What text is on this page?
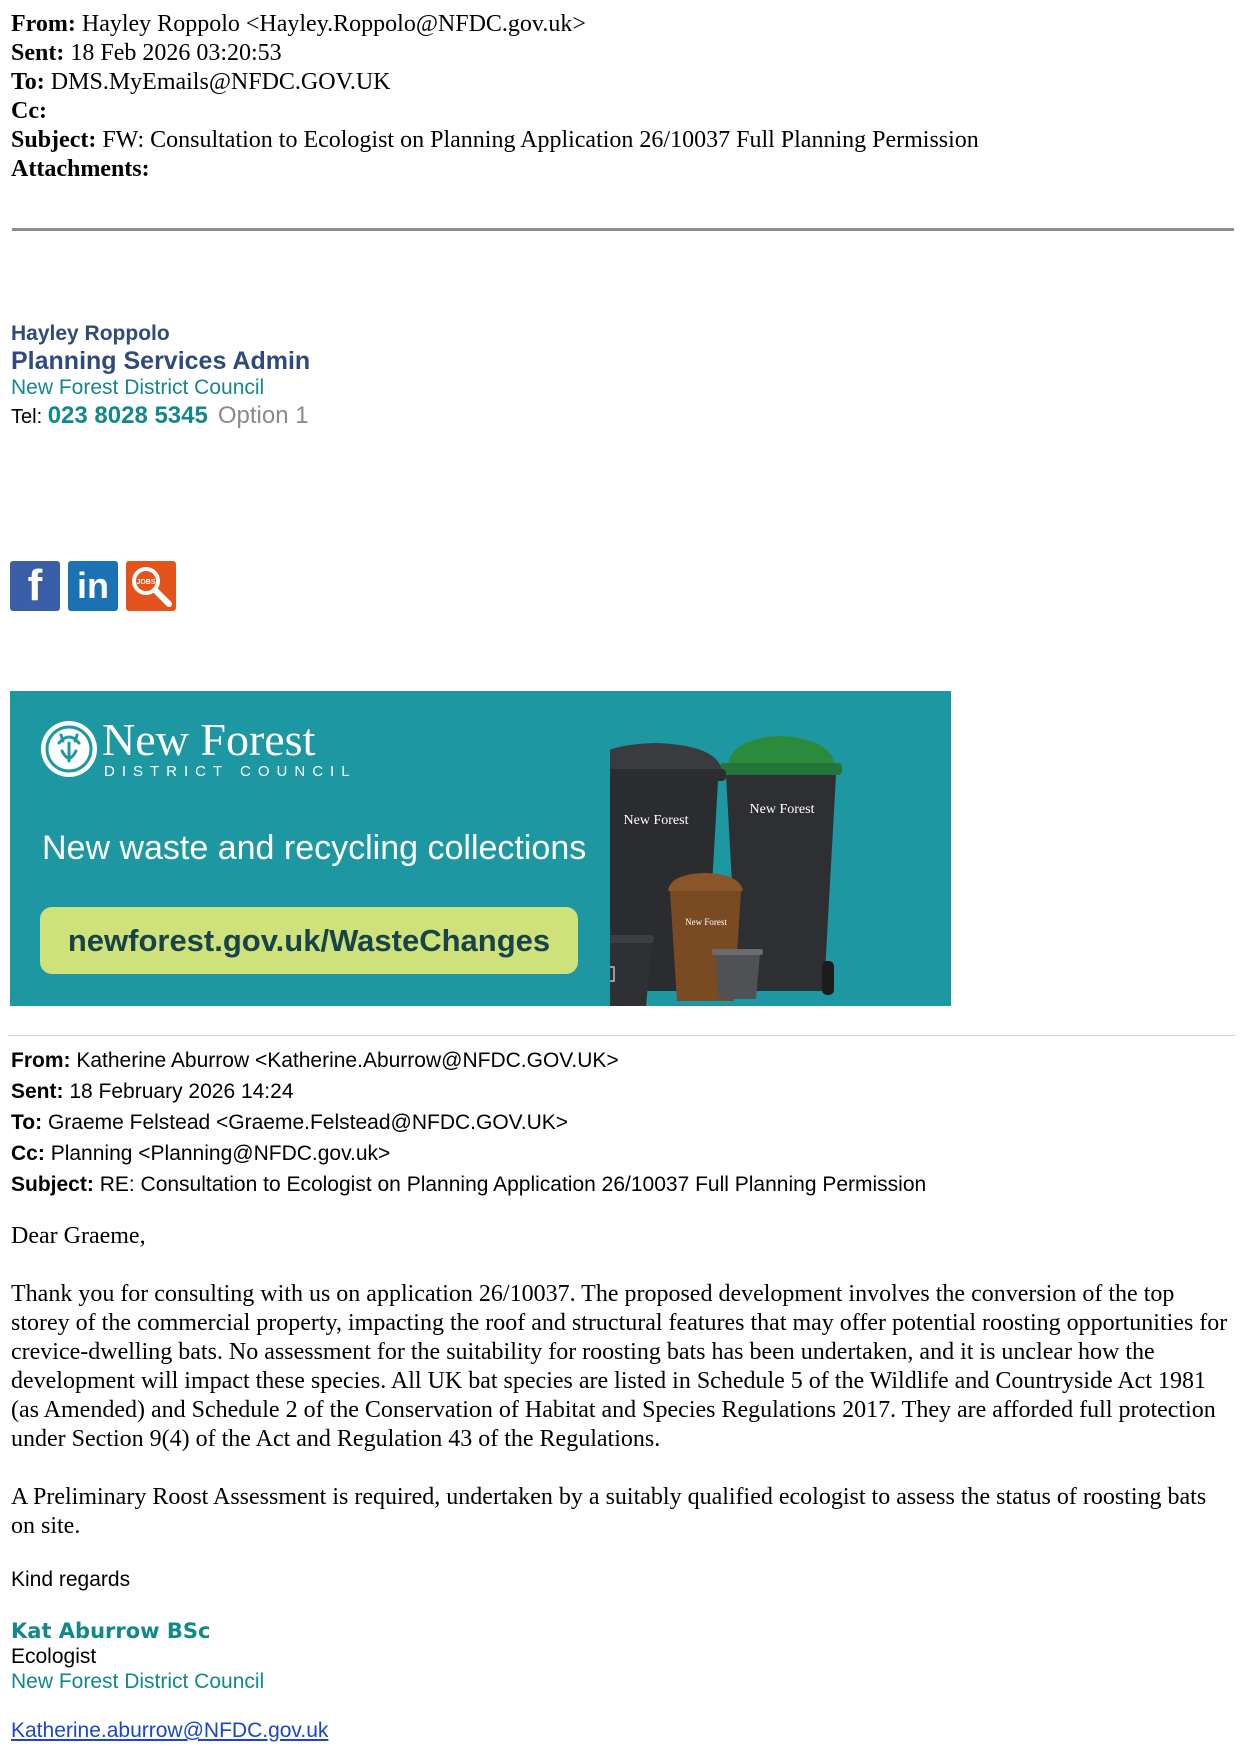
From: Hayley Roppolo <Hayley.Roppolo@NFDC.gov.uk>
Sent: 18 Feb 2026 03:20:53
To: DMS.MyEmails@NFDC.GOV.UK
Cc:
Subject: FW: Consultation to Ecologist on Planning Application 26/10037 Full Planning Permission
Attachments:
Hayley Roppolo
Planning Services Admin
New Forest District Council
Tel: 023 8028 5345 Option 1
f in	JOBS
New Forest
DISTRICT COUNCIL
New waste and recycling collections
newforest.gov.uk/WasteChanges
New Forest
New Forest
New Forest
From: Katherine Aburrow <Katherine.Aburrow@NFDC.GOV.UK>
Sent: 18 February 2026 14:24
To: Graeme Felstead <Graeme.Felstead@NFDC.GOV.UK>
Cc: Planning <Planning@NFDC.gov.uk>
Subject: RE: Consultation to Ecologist on Planning Application 26/10037 Full Planning Permission
Dear Graeme,
Thank you for consulting with us on application 26/10037. The proposed development involves the conversion of the top storey of the commercial property, impacting the roof and structural features that may offer potential roosting opportunities for crevice-dwelling bats. No assessment for the suitability for roosting bats has been undertaken, and it is unclear how the development will impact these species. All UK bat species are listed in Schedule 5 of the Wildlife and Countryside Act 1981 (as Amended) and Schedule 2 of the Conservation of Habitat and Species Regulations 2017. They are afforded full protection under Section 9(4) of the Act and Regulation 43 of the Regulations.
A Preliminary Roost Assessment is required, undertaken by a suitably qualified ecologist to assess the status of roosting bats on site.
Kind regards
Kat Aburrow BSc
Ecologist
New Forest District Council
Katherine.aburrow@NFDC.gov.uk
